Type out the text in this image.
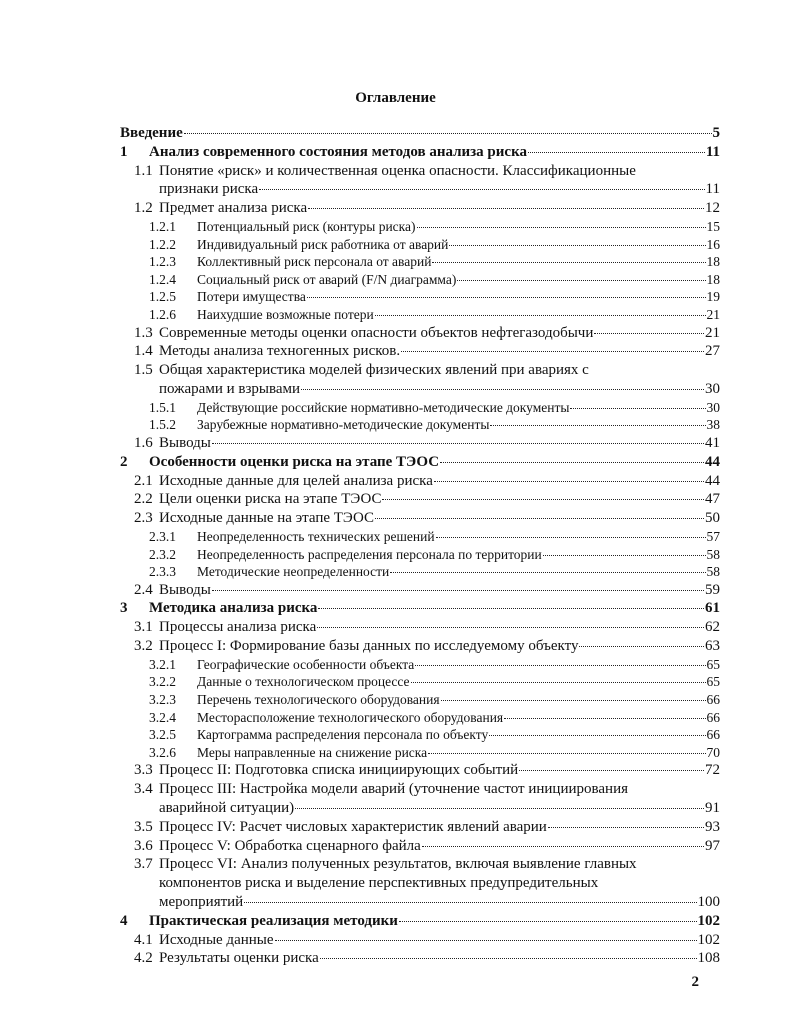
Оглавление
Введение	5
1	Анализ современного состояния методов анализа риска	11
1.1 Понятие «риск» и количественная оценка опасности. Классификационные
признаки риска	11
1.2 Предмет анализа риска	12
1.2.1	Потенциальный риск (контуры риска)	15
1.2.2	Индивидуальный риск работника от аварий	16
1.2.3	Коллективный риск персонала от аварий	18
1.2.4	Социальный риск от аварий (F/N диаграмма)	18
1.2.5	Потери имущества	19
1.2.6	Наихудшие возможные потери	21
1.3 Современные методы оценки опасности объектов нефтегазодобычи	21
1.4 Методы анализа техногенных рисков.	27
1.5 Общая характеристика моделей физических явлений при авариях с
пожарами и взрывами	30
1.5.1	Действующие российские нормативно-методические документы	30
1.5.2	Зарубежные нормативно-методические документы	38
1.6 Выводы	41
2	Особенности оценки риска на этапе ТЭОС	44
2.1 Исходные данные для целей анализа риска	44
2.2 Цели оценки риска на этапе ТЭОС	47
2.3 Исходные данные на этапе ТЭОС	50
2.3.1	Неопределенность технических решений	57
2.3.2	Неопределенность распределения персонала по территории	58
2.3.3	Методические неопределенности	58
2.4 Выводы	59
3	Методика анализа риска	61
3.1 Процессы анализа риска	62
3.2 Процесс I: Формирование базы данных по исследуемому объекту	63
3.2.1	Географические особенности объекта	65
3.2.2	Данные о технологическом процессе	65
3.2.3	Перечень технологического оборудования	66
3.2.4	Месторасположение технологического оборудования	66
3.2.5	Картограмма распределения персонала по объекту	66
3.2.6	Меры направленные на снижение риска	70
3.3 Процесс II: Подготовка списка инициирующих событий	72
3.4 Процесс III: Настройка модели аварий (уточнение частот инициирования
аварийной ситуации)	91
3.5 Процесс IV: Расчет числовых характеристик явлений аварии	93
3.6 Процесс V: Обработка сценарного файла	97
3.7 Процесс VI: Анализ полученных результатов, включая выявление главных
компонентов риска и выделение перспективных предупредительных
мероприятий	100
4	Практическая реализация методики	102
4.1 Исходные данные	102
4.2 Результаты оценки риска	108
2
